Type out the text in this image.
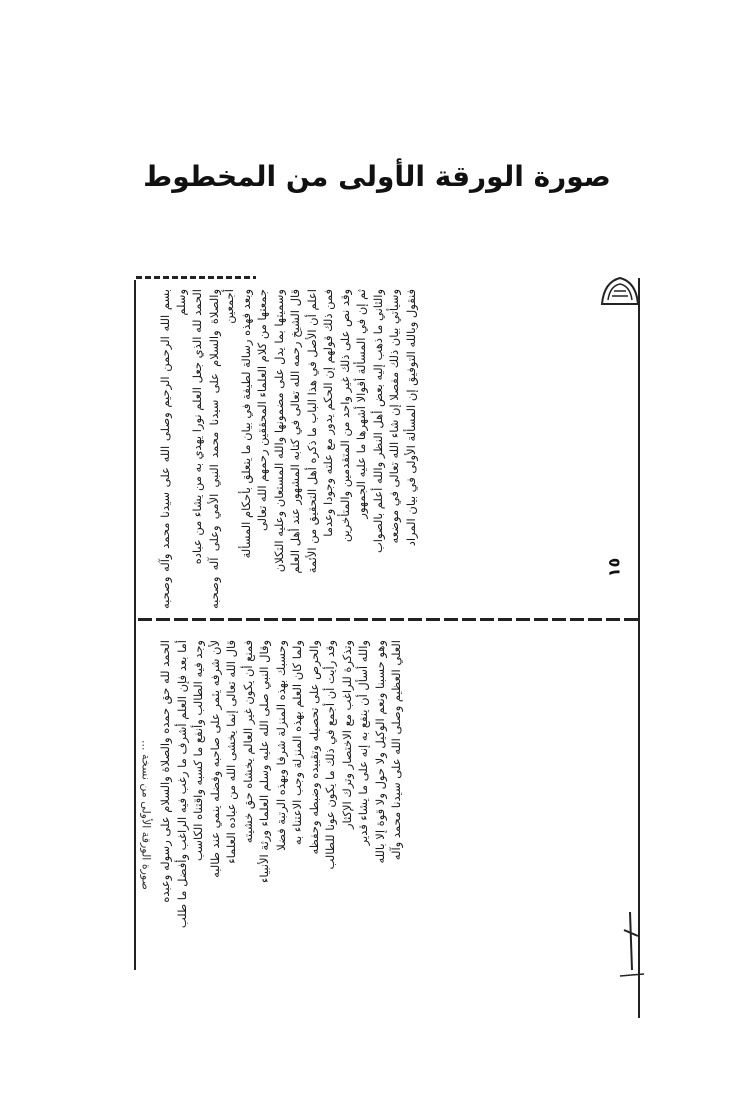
صورة الورقة الأولى من المخطوط

بسم الله الرحمن الرحيم وصلى الله على سيدنا محمد وآله وصحبه وسلم الحمد لله الذي جعل العلم نورا يهدي به من يشاء من عباده والصلاة والسلام على سيدنا محمد النبي الأمي وعلى آله وصحبه أجمعين وبعد فهذه رسالة لطيفة في بيان ما يتعلق بأحكام المسألة جمعتها من كلام العلماء المحققين رحمهم الله تعالى وسميتها بما يدل على مضمونها والله المستعان وعليه التكلان قال الشيخ رحمه الله تعالى في كتابه المشهور عند أهل العلم اعلم أن الأصل في هذا الباب ما ذكره أهل التحقيق من الأئمة فمن ذلك قولهم إن الحكم يدور مع علته وجودا وعدما وقد نص على ذلك غير واحد من المتقدمين والمتأخرين ثم إن في المسألة أقوالا أشهرها ما عليه الجمهور والثاني ما ذهب إليه بعض أهل النظر والله أعلم بالصواب وسيأتي بيان ذلك مفصلا إن شاء الله تعالى في موضعه فنقول وبالله التوفيق إن المسألة الأولى في بيان المراد

الحمد لله حق حمده والصلاة والسلام على رسوله وعبده أما بعد فإن العلم أشرف ما رغب فيه الراغب وأفضل ما طلب وجد فيه الطالب وأنفع ما كسبه واقتناه الكاسب لأن شرفه يثمر على صاحبه وفضله ينمي عند طالبه قال الله تعالى إنما يخشى الله من عباده العلماء فمنع أن يكون غير العالم يخشاه حق خشيته وقال النبي صلى الله عليه وسلم العلماء ورثة الأنبياء وحسبك بهذه المنزلة شرفا وبهذه الرتبة فضلا ولما كان العلم بهذه المنزلة وجب الاعتناء به والحرص على تحصيله وتقييده وضبطه وحفظه وقد رأيت أن أجمع في ذلك ما يكون عونا للطالب وتذكرة للراغب مع الاختصار وترك الإكثار والله أسأل أن ينفع به إنه على ما يشاء قدير وهو حسبنا ونعم الوكيل ولا حول ولا قوة إلا بالله العلي العظيم وصلى الله على سيدنا محمد وآله

صورة الورقة الأولى من نسخة ...
١٥
